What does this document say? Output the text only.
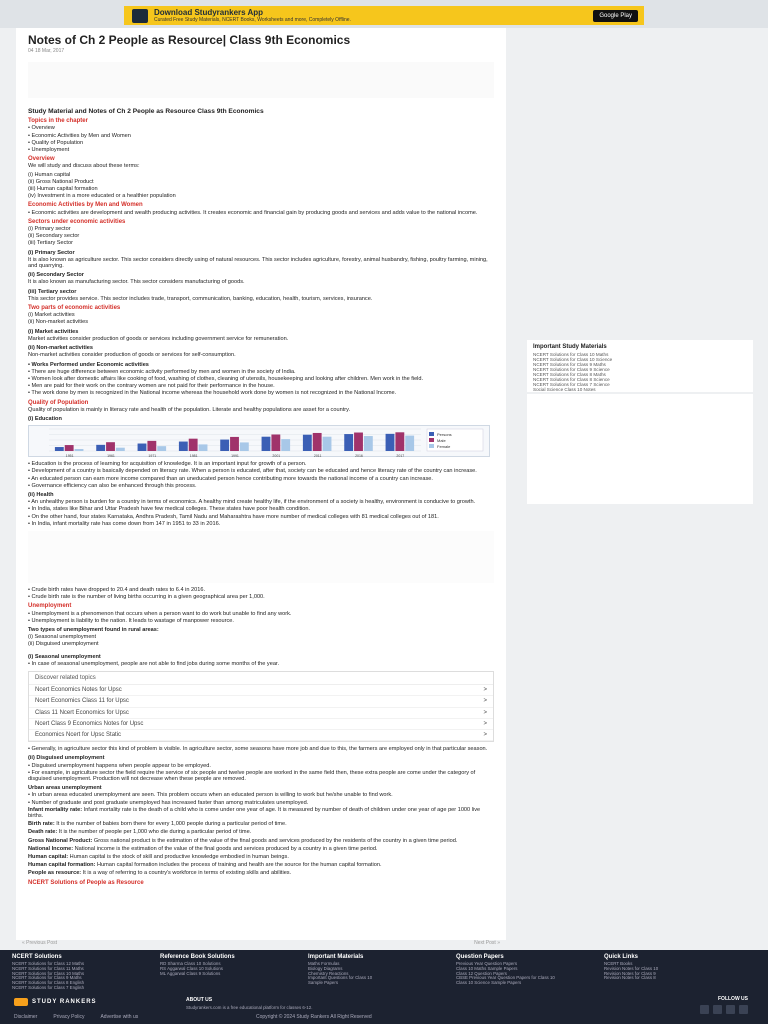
Download Studyrankers App
Curated Free Study Materials, NCERT Books, Worksheets and more, Completely Offline.
Google Play
Notes of Ch 2 People as Resource| Class 9th Economics
04 18 Mar, 2017
Study Material and Notes of Ch 2 People as Resource Class 9th Economics
Topics in the chapter
• Overview
• Economic Activities by Men and Women
• Quality of Population
• Unemployment
Overview

We will study and discuss about these terms:

(i) Human capital
(ii) Gross National Product
(iii) Human capital formation
(iv) Investment in a more educated or a healthier population
Economic Activities by Men and Women

• Economic activities are development and wealth producing activities. It creates economic and financial gain by producing goods and services and adds value to the national income.

Sectors under economic activities
(i) Primary sector
(ii) Secondary sector
(iii) Tertiary Sector
(i) Primary Sector

It is also known as agriculture sector. This sector considers directly using of natural resources. This sector includes agriculture, forestry, animal husbandry, fishing, poultry farming, mining, and quarrying.

(ii) Secondary Sector

It is also known as manufacturing sector. This sector considers manufacturing of goods.

(iii) Tertiary sector

This sector provides service. This sector includes trade, transport, communication, banking, education, health, tourism, services, insurance.

Two parts of economic activities
(i) Market activities
(ii) Non-market activities
(i) Market activities

Market activities consider production of goods or services including government service for remuneration.

(ii) Non-market activities

Non-market activities consider production of goods or services for self-consumption.

• Works Performed under Economic activities
• There are huge difference between economic activity performed by men and women in the society of India.
• Women look after domestic affairs like cooking of food, washing of clothes, cleaning of utensils, housekeeping and looking after children. Men work in the field.
• Men are paid for their work on the contrary women are not paid for their performance in the house.
• The work done by men is recognized in the National income whereas the household work done by women is not recognized in the National Income.
Quality of Population

Quality of population is mainly in literacy rate and health of the population. Literate and healthy populations are asset for a country.

(i) Education
1951	1961	1971	1981	1991	2001	2011	2016	2017
Persons
Male
Female
• Education is the process of learning for acquisition of knowledge. It is an important input for growth of a person.
• Development of a country is basically depended on literacy rate. When a person is educated, after that, society can be educated and hence literacy rate of the country can increase.
• An educated person can earn more income compared than an uneducated person hence contributing more towards the national income of a country can increase.
• Governance efficiency can also be enhanced through this process.
(ii) Health
• An unhealthy person is burden for a country in terms of economics. A healthy mind create healthy life, if the environment of a society is healthy, environment is conducive to growth.
• In India, states like Bihar and Uttar Pradesh have few medical colleges. These states have poor health condition.
• On the other hand, four states Karnataka, Andhra Pradesh, Tamil Nadu and Maharashtra have more number of medical colleges with 81 medical colleges out of 181.
• In India, infant mortality rate has come down from 147 in 1951 to 33 in 2016.
• Crude birth rates have dropped to 20.4 and death rates to 6.4 in 2016.
• Crude birth rate is the number of living births occurring in a given geographical area per 1,000.
Unemployment
• Unemployment is a phenomenon that occurs when a person want to do work but unable to find any work.
• Unemployment is liability to the nation. It leads to wastage of manpower resource.
Two types of unemployment found in rural areas:
(i) Seasonal unemployment
(ii) Disguised unemployment
(i) Seasonal unemployment

• In case of seasonal unemployment, people are not able to find jobs during some months of the year.

Discover related topics
Ncert Economics Notes for Upsc	>
Ncert Economics Class 11 for Upsc	>
Class 11 Ncert Economics for Upsc	>
Ncert Class 9 Economics Notes for Upsc	>
Economics Ncert for Upsc Static	>

• Generally, in agriculture sector this kind of problem is visible. In agriculture sector, some seasons have more job and due to this, the farmers are employed only in that particular season.

(ii) Disguised unemployment
• Disguised unemployment happens when people appear to be employed.
• For example, in agriculture sector the field require the service of six people and twelve people are worked in the same field then, these extra people are come under the category of disguised unemployment. Production will not decrease when these people are removed.
Urban areas unemployment
• In urban areas educated unemployment are seen. This problem occurs when an educated person is willing to work but he/she unable to find work.
• Number of graduate and post graduate unemployed has increased faster than among matriculates unemployed.

Infant mortality rate: Infant mortality rate is the death of a child who is come under one year of age. It is measured by number of death of children under one year of age per 1000 live births.

Birth rate: It is the number of babies born there for every 1,000 people during a particular period of time.

Death rate: It is the number of people per 1,000 who die during a particular period of time.

Gross National Product: Gross national product is the estimation of the value of the final goods and services produced by the residents of the country in a given time period.

National Income: National income is the estimation of the value of the final goods and services produced by a country in a given time period.

Human capital: Human capital is the stock of skill and productive knowledge embodied in human beings.

Human capital formation: Human capital formation includes the process of training and health are the source for the human capital formation.

People as resource: It is a way of referring to a country's workforce in terms of existing skills and abilities.

NCERT Solutions of People as Resource
Important Study Materials
NCERT Solutions for Class 10 Maths
NCERT Solutions for Class 10 Science
NCERT Solutions for Class 9 Maths
NCERT Solutions for Class 9 Science
NCERT Solutions for Class 8 Maths
NCERT Solutions for Class 8 Science
NCERT Solutions for Class 7 Science
Social Science Class 10 Notes
« Previous Post	Next Post »
NCERT Solutions
NCERT Solutions for Class 12 Maths
NCERT Solutions for Class 11 Maths
NCERT Solutions for Class 10 Maths
NCERT Solutions for Class 9 Maths
NCERT Solutions for Class 8 English
NCERT Solutions for Class 7 English
Reference Book Solutions
RD Sharma Class 10 Solutions
RS Aggarwal Class 10 Solutions
ML Aggarwal Class 9 Solutions
Important Materials
Maths Formulas
Biology Diagrams
Chemistry Reactions
Important Questions for Class 10
Sample Papers
Question Papers
Previous Year Question Papers
Class 10 Maths Sample Papers
Class 12 Question Papers
CBSE Previous Year Question Papers for Class 10
Class 10 Science Sample Papers
Quick Links
NCERT Books
Revision Notes for Class 10
Revision Notes for Class 9
Revision Notes for Class 8
STUDY RANKERS	ABOUT US
Studyrankers.com is a free educational platform for classes 6-12.
FOLLOW US
Disclaimer	Privacy Policy	Advertise with us	Copyright © 2024 Study Rankers All Right Reserved
